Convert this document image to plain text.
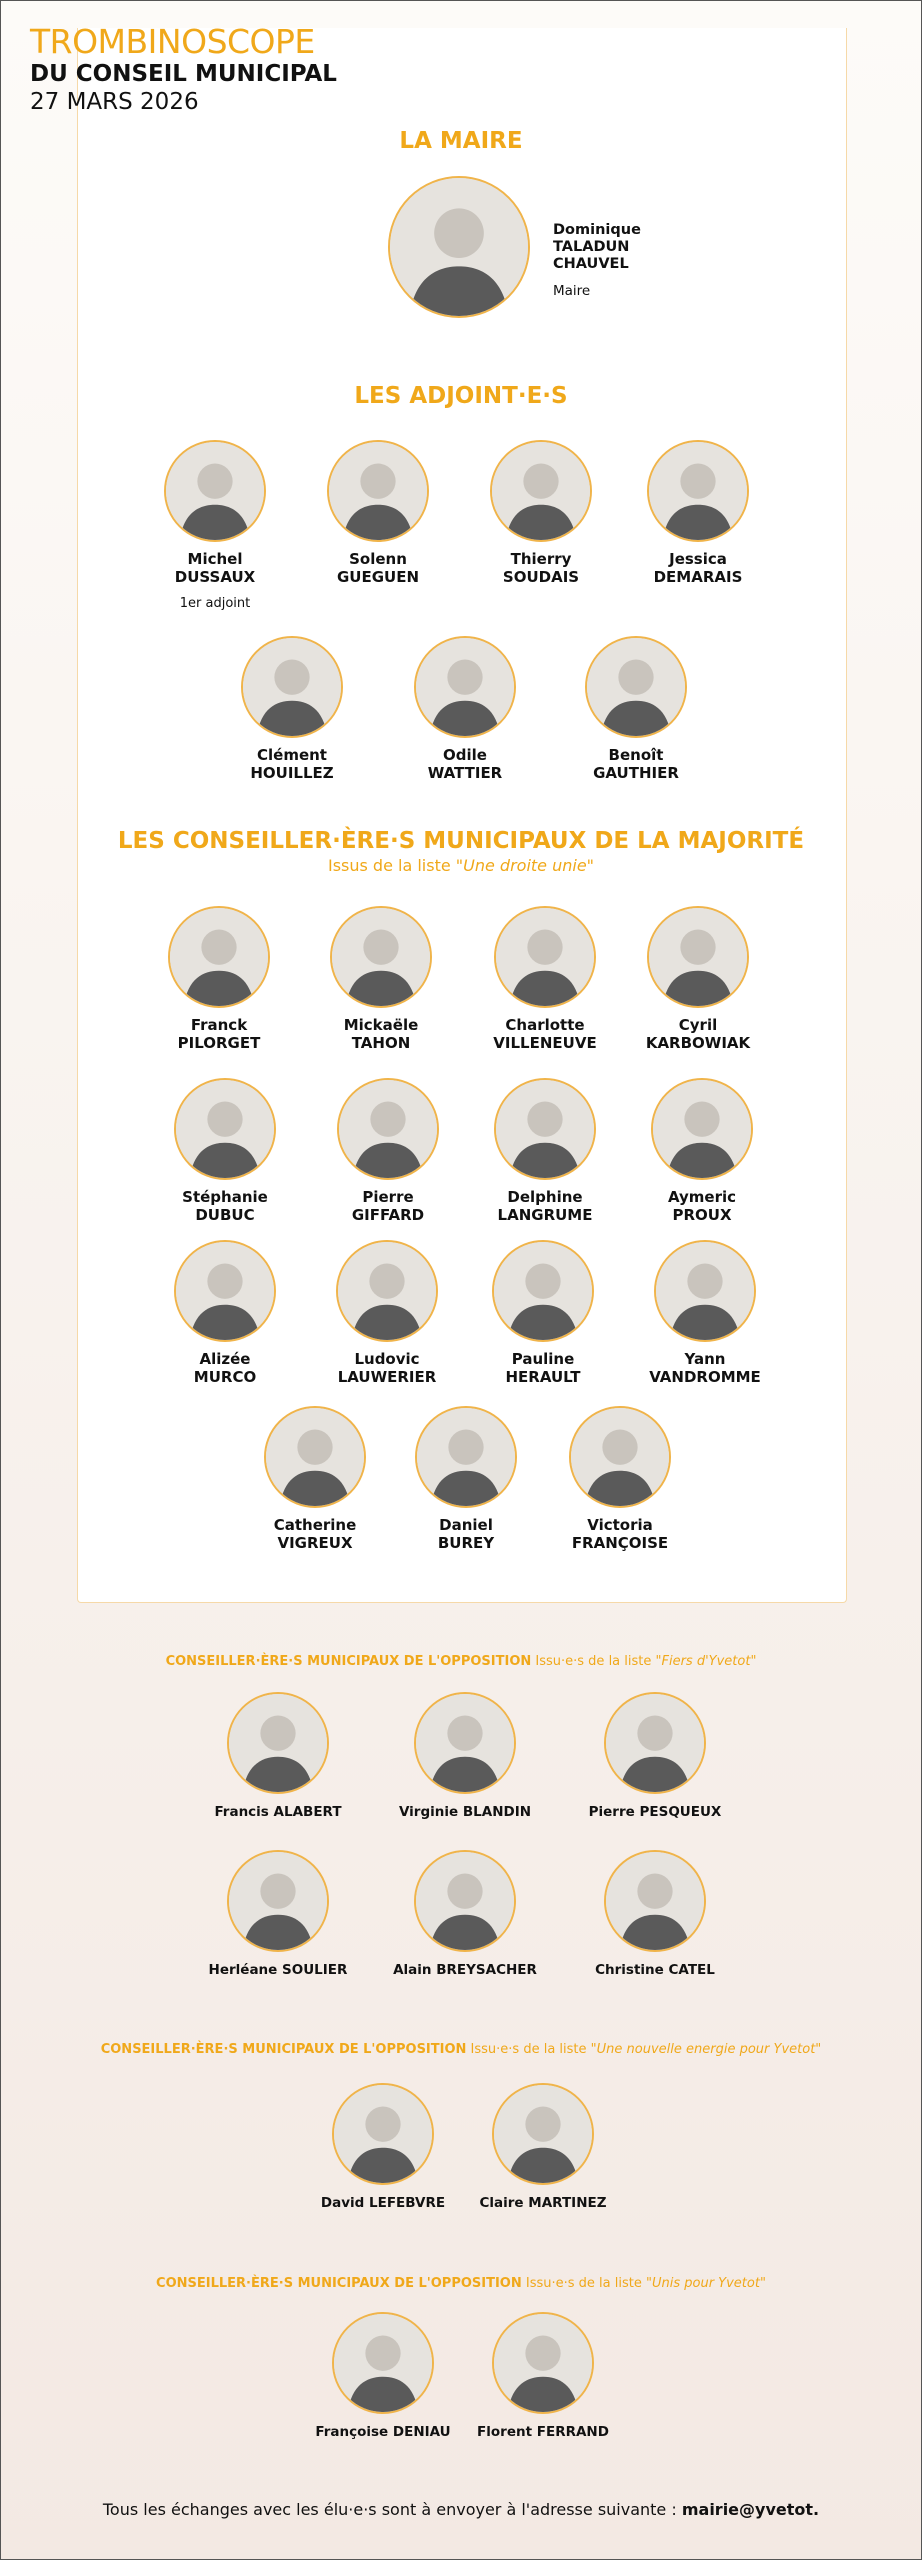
TROMBINOSCOPE
DU CONSEIL MUNICIPAL
27 MARS 2026
LA MAIRE
Dominique
TALADUN
CHAUVEL
Maire
LES ADJOINT·E·S
Michel
DUSSAUX
1er adjoint
Solenn
GUEGUEN
Thierry
SOUDAIS
Jessica
DEMARAIS
Clément
HOUILLEZ
Odile
WATTIER
Benoît
GAUTHIER
LES CONSEILLER·ÈRE·S MUNICIPAUX DE LA MAJORITÉ
Issus de la liste "Une droite unie"
Franck
PILORGET
Mickaële
TAHON
Charlotte
VILLENEUVE
Cyril
KARBOWIAK
Stéphanie
DUBUC
Pierre
GIFFARD
Delphine
LANGRUME
Aymeric
PROUX
Alizée
MURCO
Ludovic
LAUWERIER
Pauline
HERAULT
Yann
VANDROMME
Catherine
VIGREUX
Daniel
BUREY
Victoria
FRANÇOISE
CONSEILLER·ÈRE·S MUNICIPAUX DE L'OPPOSITION Issu·e·s de la liste "Fiers d'Yvetot"
Francis ALABERT	Virginie BLANDIN	Pierre PESQUEUX
Herléane SOULIER	Alain BREYSACHER	Christine CATEL
CONSEILLER·ÈRE·S MUNICIPAUX DE L'OPPOSITION Issu·e·s de la liste "Une nouvelle energie pour Yvetot"
David LEFEBVRE	Claire MARTINEZ
CONSEILLER·ÈRE·S MUNICIPAUX DE L'OPPOSITION Issu·e·s de la liste "Unis pour Yvetot"
Françoise DENIAU	Florent FERRAND
Tous les échanges avec les élu·e·s sont à envoyer à l'adresse suivante : mairie@yvetot.
